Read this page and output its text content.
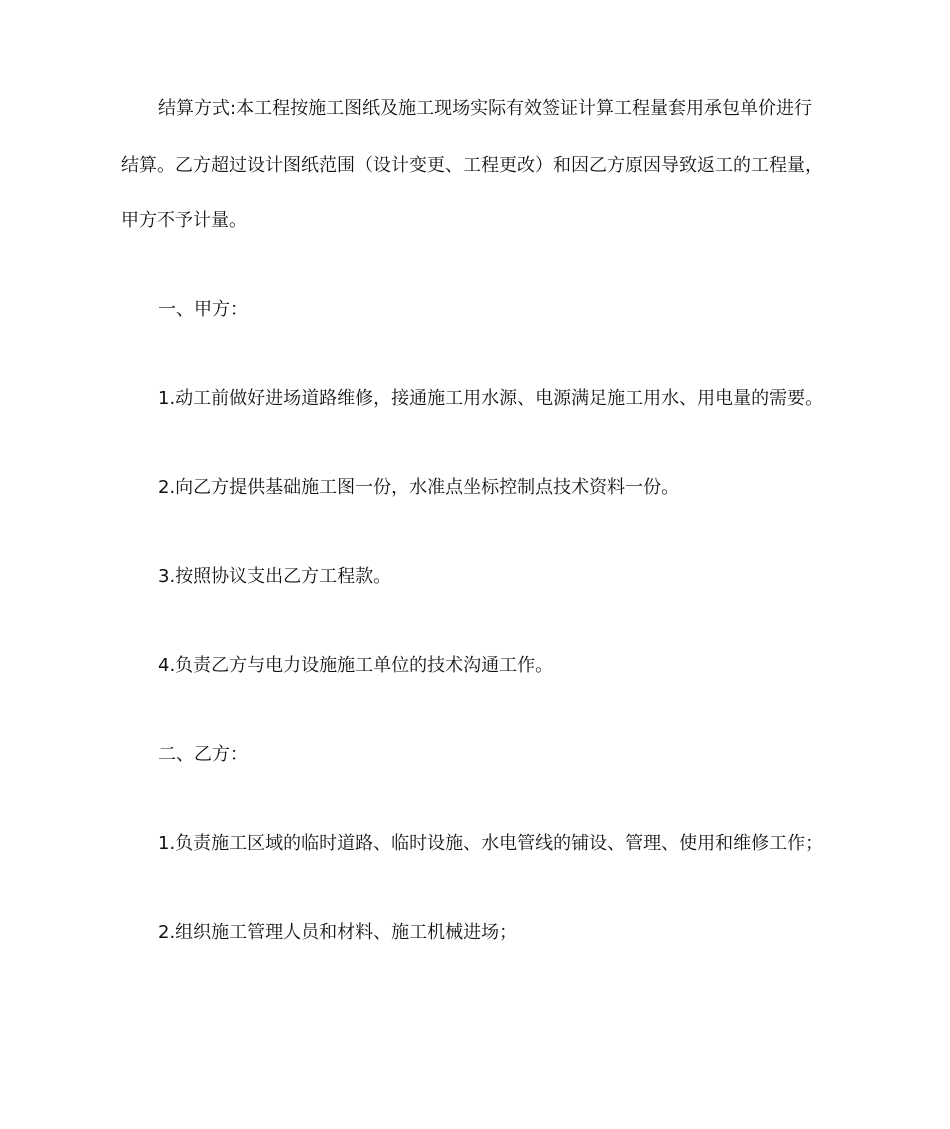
结算方式:本工程按施工图纸及施工现场实际有效签证计算工程量套用承包单价进行
结算。乙方超过设计图纸范围（设计变更、工程更改）和因乙方原因导致返工的工程量，
甲方不予计量。
一、甲方：
1.动工前做好进场道路维修，接通施工用水源、电源满足施工用水、用电量的需要。
2.向乙方提供基础施工图一份，水准点坐标控制点技术资料一份。
3.按照协议支出乙方工程款。
4.负责乙方与电力设施施工单位的技术沟通工作。
二、乙方：
1.负责施工区域的临时道路、临时设施、水电管线的铺设、管理、使用和维修工作；
2.组织施工管理人员和材料、施工机械进场；
